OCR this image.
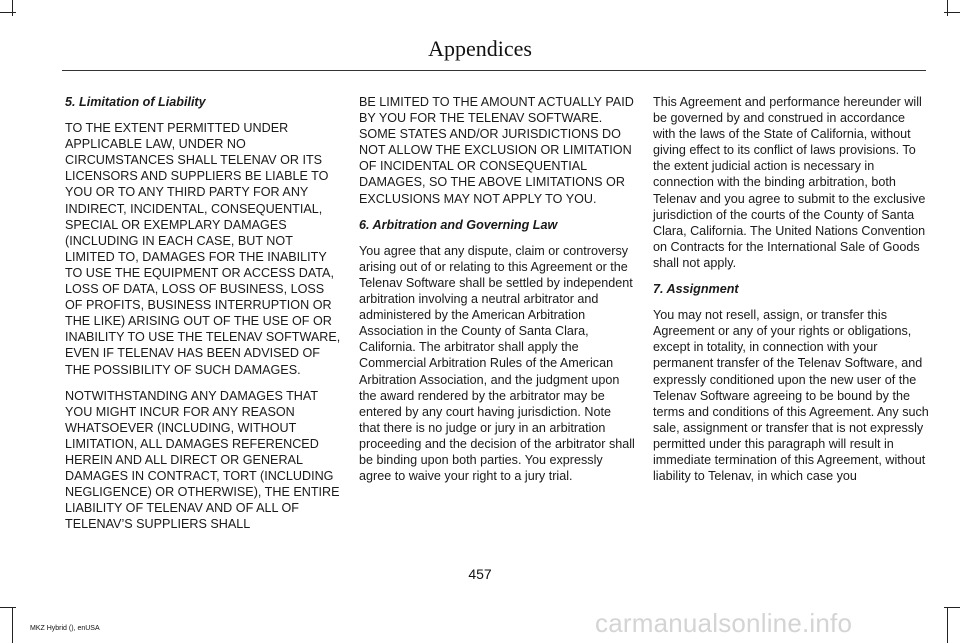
Appendices

5. Limitation of Liability

TO THE EXTENT PERMITTED UNDER APPLICABLE LAW, UNDER NO CIRCUMSTANCES SHALL TELENAV OR ITS LICENSORS AND SUPPLIERS BE LIABLE TO YOU OR TO ANY THIRD PARTY FOR ANY INDIRECT, INCIDENTAL, CONSEQUENTIAL, SPECIAL OR EXEMPLARY DAMAGES (INCLUDING IN EACH CASE, BUT NOT LIMITED TO, DAMAGES FOR THE INABILITY TO USE THE EQUIPMENT OR ACCESS DATA, LOSS OF DATA, LOSS OF BUSINESS, LOSS OF PROFITS, BUSINESS INTERRUPTION OR THE LIKE) ARISING OUT OF THE USE OF OR INABILITY TO USE THE TELENAV SOFTWARE, EVEN IF TELENAV HAS BEEN ADVISED OF THE POSSIBILITY OF SUCH DAMAGES.

NOTWITHSTANDING ANY DAMAGES THAT YOU MIGHT INCUR FOR ANY REASON WHATSOEVER (INCLUDING, WITHOUT LIMITATION, ALL DAMAGES REFERENCED HEREIN AND ALL DIRECT OR GENERAL DAMAGES IN CONTRACT, TORT (INCLUDING NEGLIGENCE) OR OTHERWISE), THE ENTIRE LIABILITY OF TELENAV AND OF ALL OF TELENAV’S SUPPLIERS SHALL

BE LIMITED TO THE AMOUNT ACTUALLY PAID BY YOU FOR THE TELENAV SOFTWARE. SOME STATES AND/OR JURISDICTIONS DO NOT ALLOW THE EXCLUSION OR LIMITATION OF INCIDENTAL OR CONSEQUENTIAL DAMAGES, SO THE ABOVE LIMITATIONS OR EXCLUSIONS MAY NOT APPLY TO YOU.

6. Arbitration and Governing Law

You agree that any dispute, claim or controversy arising out of or relating to this Agreement or the Telenav Software shall be settled by independent arbitration involving a neutral arbitrator and administered by the American Arbitration Association in the County of Santa Clara, California. The arbitrator shall apply the Commercial Arbitration Rules of the American Arbitration Association, and the judgment upon the award rendered by the arbitrator may be entered by any court having jurisdiction. Note that there is no judge or jury in an arbitration proceeding and the decision of the arbitrator shall be binding upon both parties. You expressly agree to waive your right to a jury trial.

This Agreement and performance hereunder will be governed by and construed in accordance with the laws of the State of California, without giving effect to its conflict of laws provisions. To the extent judicial action is necessary in connection with the binding arbitration, both Telenav and you agree to submit to the exclusive jurisdiction of the courts of the County of Santa Clara, California. The United Nations Convention on Contracts for the International Sale of Goods shall not apply.

7. Assignment

You may not resell, assign, or transfer this Agreement or any of your rights or obligations, except in totality, in connection with your permanent transfer of the Telenav Software, and expressly conditioned upon the new user of the Telenav Software agreeing to be bound by the terms and conditions of this Agreement. Any such sale, assignment or transfer that is not expressly permitted under this paragraph will result in immediate termination of this Agreement, without liability to Telenav, in which case you

457
MKZ Hybrid (), enUSA	carmanualsonline.info
